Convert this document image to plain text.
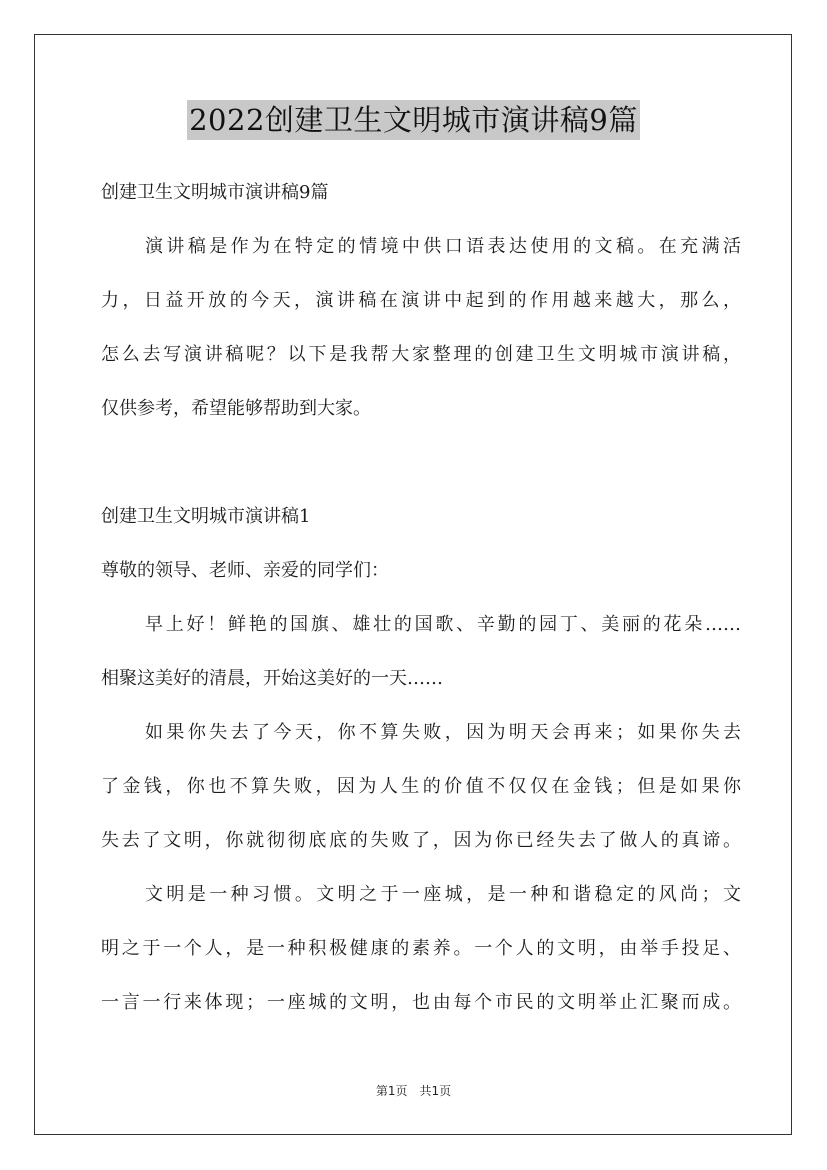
2022创建卫生文明城市演讲稿9篇
创建卫生文明城市演讲稿9篇
演讲稿是作为在特定的情境中供口语表达使用的文稿。在充满活
力，日益开放的今天，演讲稿在演讲中起到的作用越来越大，那么，
怎么去写演讲稿呢？以下是我帮大家整理的创建卫生文明城市演讲稿，
仅供参考，希望能够帮助到大家。
创建卫生文明城市演讲稿1
尊敬的领导、老师、亲爱的同学们：
早上好！鲜艳的国旗、雄壮的国歌、辛勤的园丁、美丽的花朵……
相聚这美好的清晨，开始这美好的一天……
如果你失去了今天，你不算失败，因为明天会再来；如果你失去
了金钱，你也不算失败，因为人生的价值不仅仅在金钱；但是如果你
失去了文明，你就彻彻底底的失败了，因为你已经失去了做人的真谛。
文明是一种习惯。文明之于一座城，是一种和谐稳定的风尚；文
明之于一个人，是一种积极健康的素养。一个人的文明，由举手投足、
一言一行来体现；一座城的文明，也由每个市民的文明举止汇聚而成。
第1页　共1页
